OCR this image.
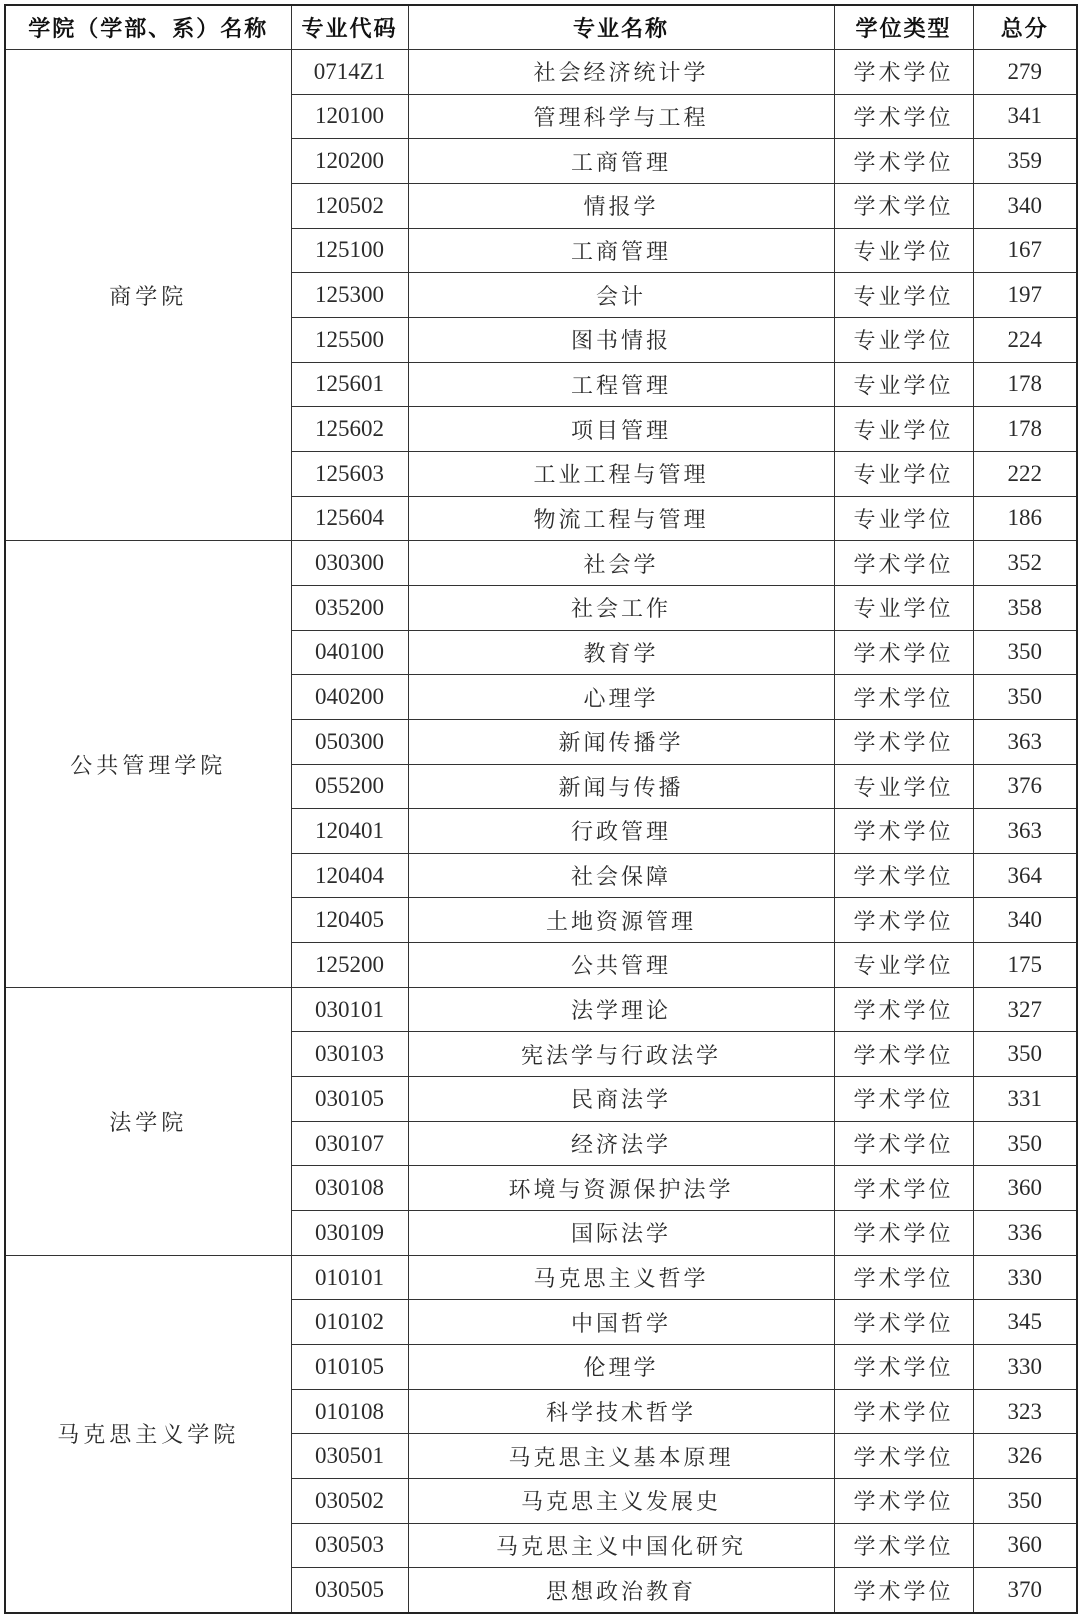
学院（学部、系）名称	专业代码	专业名称	学位类型	总分
商学院	0714Z1	社会经济统计学	学术学位	279
	120100	管理科学与工程	学术学位	341
	120200	工商管理	学术学位	359
	120502	情报学	学术学位	340
	125100	工商管理	专业学位	167
	125300	会计	专业学位	197
	125500	图书情报	专业学位	224
	125601	工程管理	专业学位	178
	125602	项目管理	专业学位	178
	125603	工业工程与管理	专业学位	222
	125604	物流工程与管理	专业学位	186
公共管理学院	030300	社会学	学术学位	352
	035200	社会工作	专业学位	358
	040100	教育学	学术学位	350
	040200	心理学	学术学位	350
	050300	新闻传播学	学术学位	363
	055200	新闻与传播	专业学位	376
	120401	行政管理	学术学位	363
	120404	社会保障	学术学位	364
	120405	土地资源管理	学术学位	340
	125200	公共管理	专业学位	175
法学院	030101	法学理论	学术学位	327
	030103	宪法学与行政法学	学术学位	350
	030105	民商法学	学术学位	331
	030107	经济法学	学术学位	350
	030108	环境与资源保护法学	学术学位	360
	030109	国际法学	学术学位	336
马克思主义学院	010101	马克思主义哲学	学术学位	330
	010102	中国哲学	学术学位	345
	010105	伦理学	学术学位	330
	010108	科学技术哲学	学术学位	323
	030501	马克思主义基本原理	学术学位	326
	030502	马克思主义发展史	学术学位	350
	030503	马克思主义中国化研究	学术学位	360
	030505	思想政治教育	学术学位	370
